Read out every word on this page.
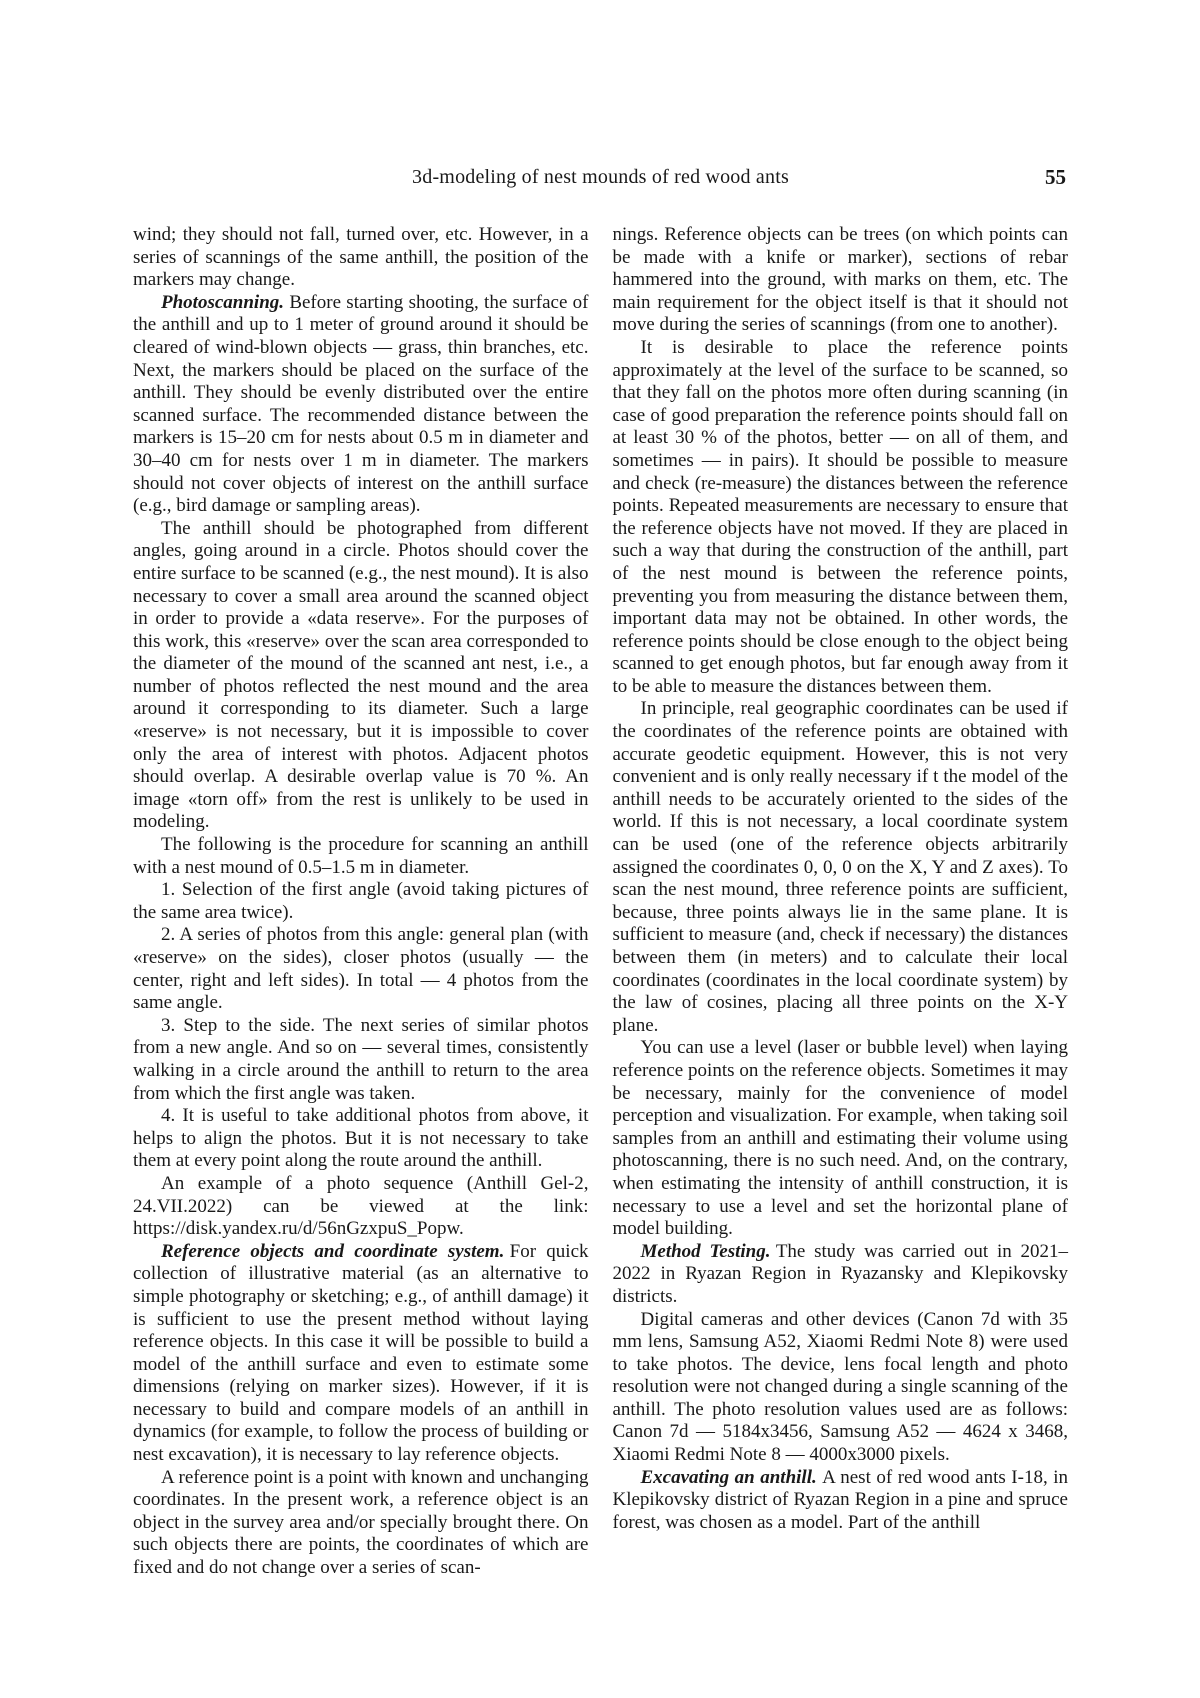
3d-modeling of nest mounds of red wood ants	55

wind; they should not fall, turned over, etc. However, in a series of scannings of the same anthill, the position of the markers may change.

Photoscanning. Before starting shooting, the surface of the anthill and up to 1 meter of ground around it should be cleared of wind-blown objects — grass, thin branches, etc. Next, the markers should be placed on the surface of the anthill. They should be evenly distributed over the entire scanned surface. The recommended distance between the markers is 15–20 cm for nests about 0.5 m in diameter and 30–40 cm for nests over 1 m in diameter. The markers should not cover objects of interest on the anthill surface (e.g., bird damage or sampling areas).

The anthill should be photographed from different angles, going around in a circle. Photos should cover the entire surface to be scanned (e.g., the nest mound). It is also necessary to cover a small area around the scanned object in order to provide a «data reserve». For the purposes of this work, this «reserve» over the scan area corresponded to the diameter of the mound of the scanned ant nest, i.e., a number of photos reflected the nest mound and the area around it corresponding to its diameter. Such a large «reserve» is not necessary, but it is impossible to cover only the area of interest with photos. Adjacent photos should overlap. A desirable overlap value is 70 %. An image «torn off» from the rest is unlikely to be used in modeling.

The following is the procedure for scanning an anthill with a nest mound of 0.5–1.5 m in diameter.

1. Selection of the first angle (avoid taking pictures of the same area twice).

2. A series of photos from this angle: general plan (with «reserve» on the sides), closer photos (usually — the center, right and left sides). In total — 4 photos from the same angle.

3. Step to the side. The next series of similar photos from a new angle. And so on — several times, consistently walking in a circle around the anthill to return to the area from which the first angle was taken.

4. It is useful to take additional photos from above, it helps to align the photos. But it is not necessary to take them at every point along the route around the anthill.

An example of a photo sequence (Anthill Gel-2, 24.VII.2022) can be viewed at the link: https://disk.yandex.ru/d/56nGzxpuS_Popw.

Reference objects and coordinate system. For quick collection of illustrative material (as an alternative to simple photography or sketching; e.g., of anthill damage) it is sufficient to use the present method without laying reference objects. In this case it will be possible to build a model of the anthill surface and even to estimate some dimensions (relying on marker sizes). However, if it is necessary to build and compare models of an anthill in dynamics (for example, to follow the process of building or nest excavation), it is necessary to lay reference objects.

A reference point is a point with known and unchanging coordinates. In the present work, a reference object is an object in the survey area and/or specially brought there. On such objects there are points, the coordinates of which are fixed and do not change over a series of scan-

nings. Reference objects can be trees (on which points can be made with a knife or marker), sections of rebar hammered into the ground, with marks on them, etc. The main requirement for the object itself is that it should not move during the series of scannings (from one to another).

It is desirable to place the reference points approximately at the level of the surface to be scanned, so that they fall on the photos more often during scanning (in case of good preparation the reference points should fall on at least 30 % of the photos, better — on all of them, and sometimes — in pairs). It should be possible to measure and check (re-measure) the distances between the reference points. Repeated measurements are necessary to ensure that the reference objects have not moved. If they are placed in such a way that during the construction of the anthill, part of the nest mound is between the reference points, preventing you from measuring the distance between them, important data may not be obtained. In other words, the reference points should be close enough to the object being scanned to get enough photos, but far enough away from it to be able to measure the distances between them.

In principle, real geographic coordinates can be used if the coordinates of the reference points are obtained with accurate geodetic equipment. However, this is not very convenient and is only really necessary if t the model of the anthill needs to be accurately oriented to the sides of the world. If this is not necessary, a local coordinate system can be used (one of the reference objects arbitrarily assigned the coordinates 0, 0, 0 on the X, Y and Z axes). To scan the nest mound, three reference points are sufficient, because, three points always lie in the same plane. It is sufficient to measure (and, check if necessary) the distances between them (in meters) and to calculate their local coordinates (coordinates in the local coordinate system) by the law of cosines, placing all three points on the X-Y plane.

You can use a level (laser or bubble level) when laying reference points on the reference objects. Sometimes it may be necessary, mainly for the convenience of model perception and visualization. For example, when taking soil samples from an anthill and estimating their volume using photoscanning, there is no such need. And, on the contrary, when estimating the intensity of anthill construction, it is necessary to use a level and set the horizontal plane of model building.

Method Testing. The study was carried out in 2021–2022 in Ryazan Region in Ryazansky and Klepikovsky districts.

Digital cameras and other devices (Canon 7d with 35 mm lens, Samsung A52, Xiaomi Redmi Note 8) were used to take photos. The device, lens focal length and photo resolution were not changed during a single scanning of the anthill. The photo resolution values used are as follows: Canon 7d — 5184x3456, Samsung A52 — 4624 x 3468, Xiaomi Redmi Note 8 — 4000x3000 pixels.

Excavating an anthill. A nest of red wood ants I-18, in Klepikovsky district of Ryazan Region in a pine and spruce forest, was chosen as a model. Part of the anthill
